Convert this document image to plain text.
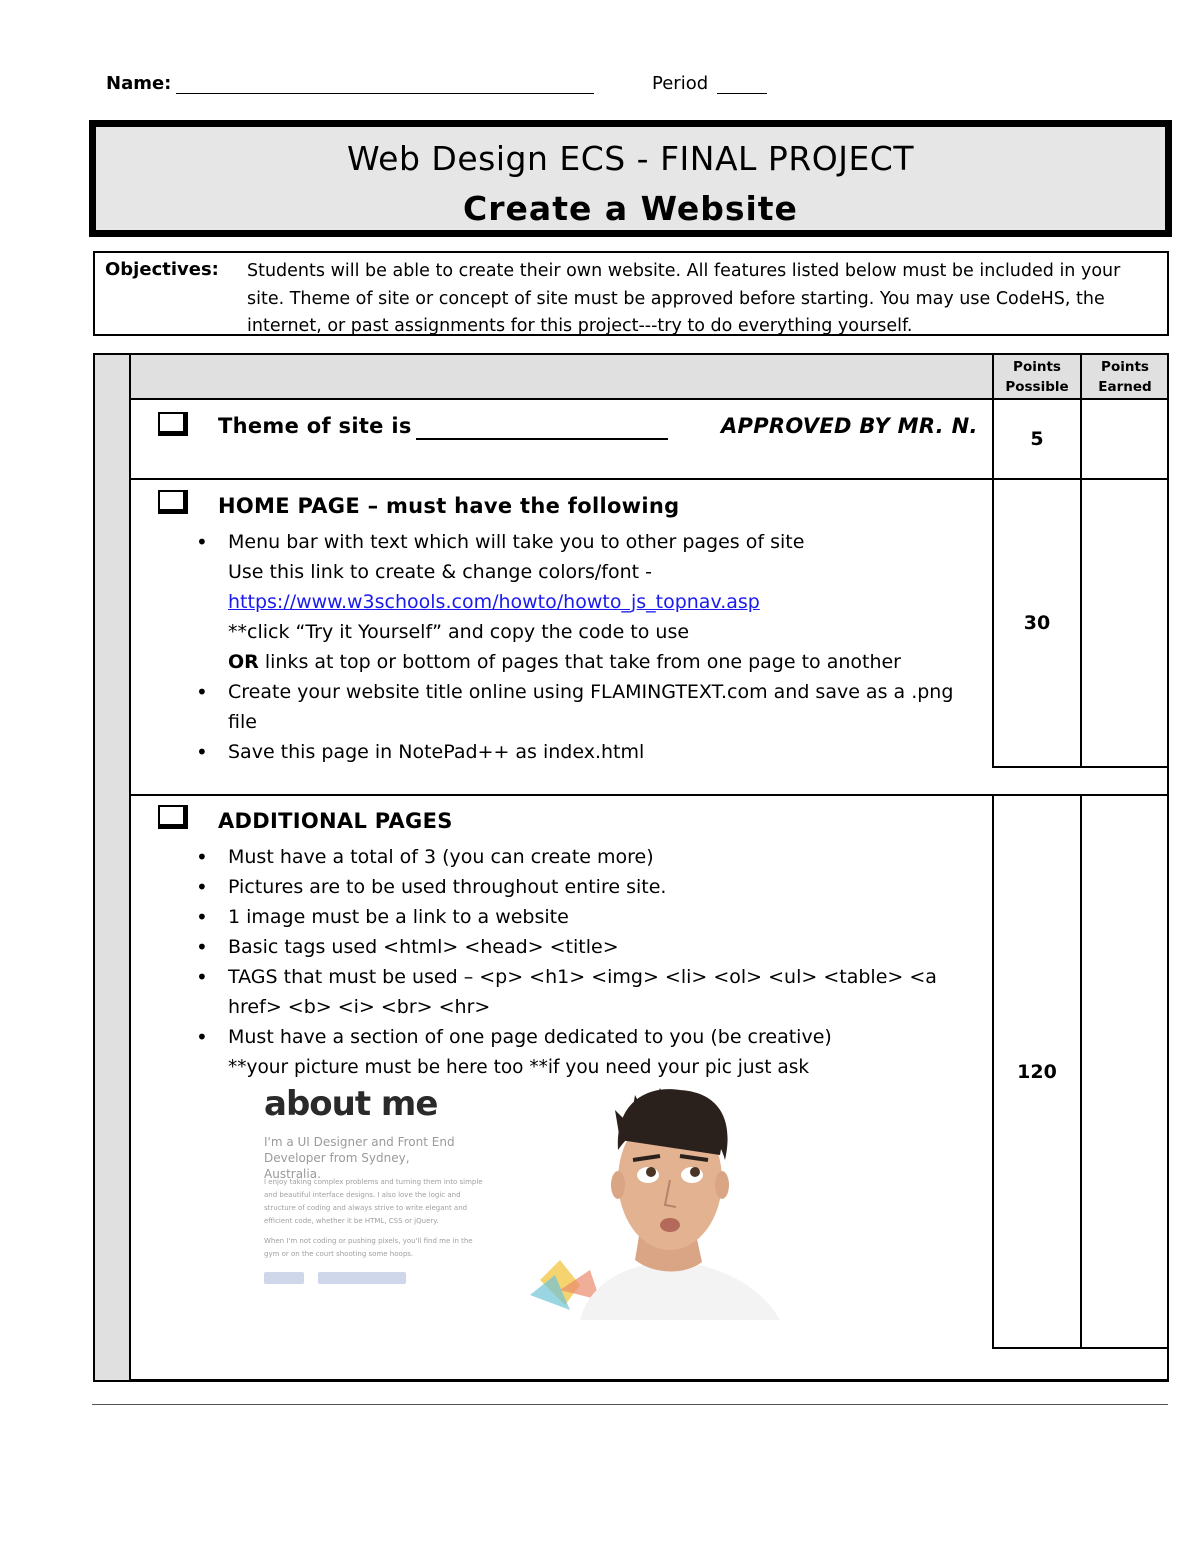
Name:	Period
Web Design ECS - FINAL PROJECT
Create a Website
Objectives: Students will be able to create their own website. All features listed below must be included in your site. Theme of site or concept of site must be approved before starting. You may use CodeHS, the internet, or past assignments for this project---try to do everything yourself.
Points Possible
Points Earned
Theme of site is	APPROVED BY MR. N.
5
HOME PAGE – must have the following
• Menu bar with text which will take you to other pages of site
Use this link to create & change colors/font -
https://www.w3schools.com/howto/howto_js_topnav.asp
**click “Try it Yourself” and copy the code to use
OR links at top or bottom of pages that take from one page to another
• Create your website title online using FLAMINGTEXT.com and save as a .png file
• Save this page in NotePad++ as index.html
30
ADDITIONAL PAGES
• Must have a total of 3 (you can create more)
• Pictures are to be used throughout entire site.
• 1 image must be a link to a website
• Basic tags used <html> <head> <title>
• TAGS that must be used – <p> <h1> <img> <li> <ol> <ul> <table> <a href> <b> <i> <br> <hr>
• Must have a section of one page dedicated to you (be creative)
**your picture must be here too **if you need your pic just ask	120
about me
I'm a UI Designer and Front End Developer from Sydney, Australia.
I enjoy taking complex problems and turning them into simple and beautiful interface designs. I also love the logic and structure of coding and always strive to write elegant and efficient code, whether it be HTML, CSS or jQuery.
When I'm not coding or pushing pixels, you'll find me in the gym or on the court shooting some hoops.
